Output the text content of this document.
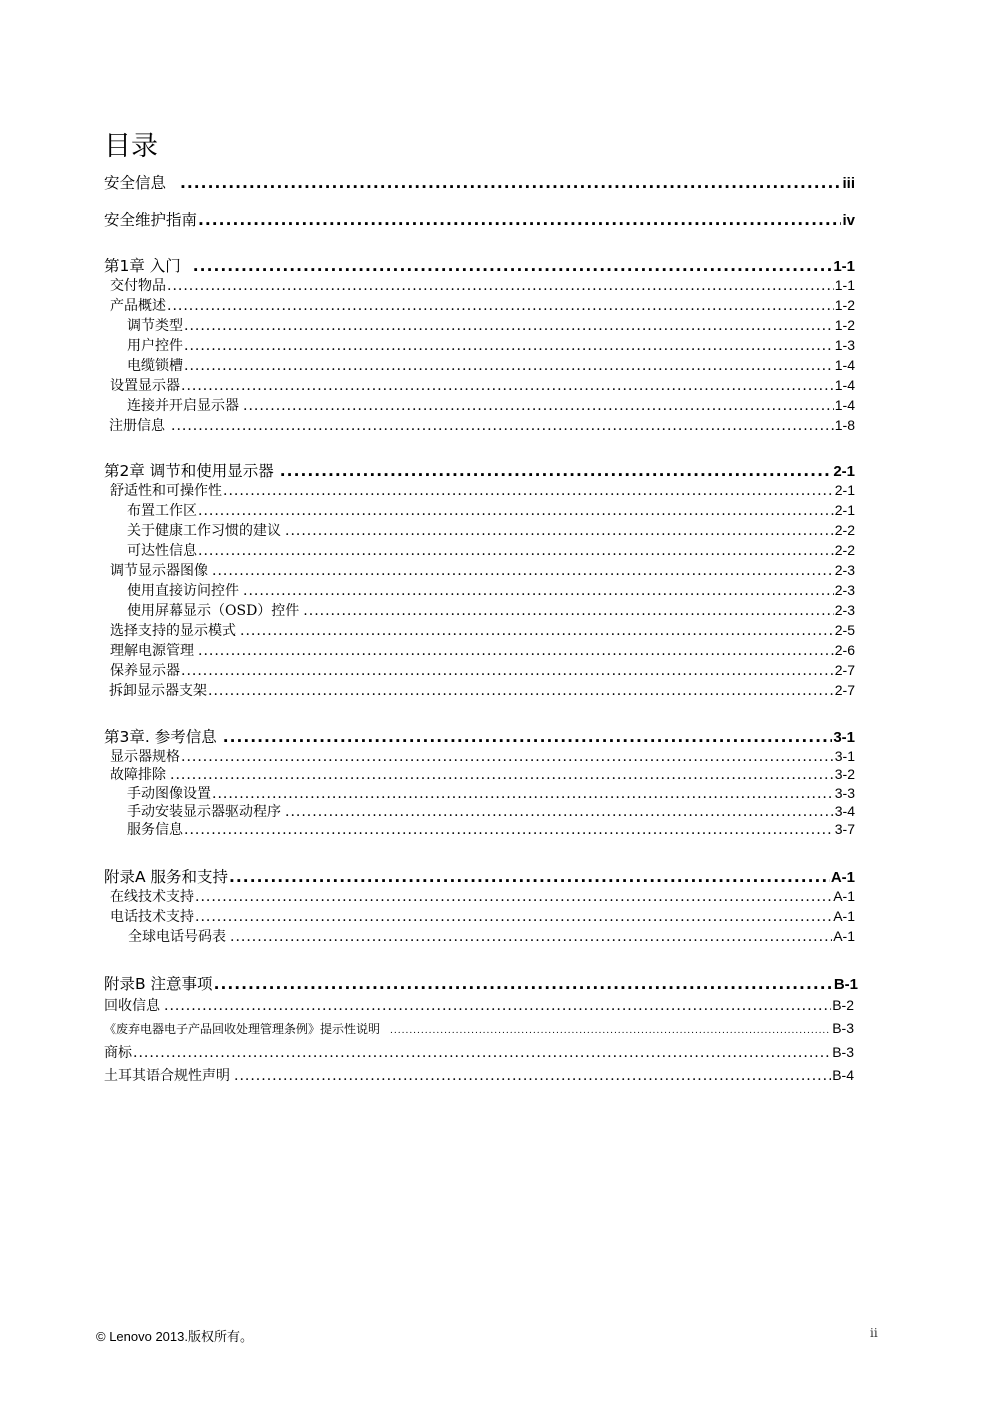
目录
安全信息 .....	iii
安全维护指南 .....	iv
第1章 入门 .....	1-1
交付物品 .....	1-1
产品概述 .....	1-2
调节类型 .....	1-2
用户控件 .....	1-3
电缆锁槽 .....	1-4
设置显示器 .....	1-4
连接并开启显示器 .....	1-4
注册信息 .....	1-8
第2章 调节和使用显示器 .....	2-1
舒适性和可操作性 .....	2-1
布置工作区 .....	2-1
关于健康工作习惯的建议 .....	2-2
可达性信息 .....	2-2
调节显示器图像 .....	2-3
使用直接访问控件 .....	2-3
使用屏幕显示（OSD）控件 .....	2-3
选择支持的显示模式 .....	2-5
理解电源管理 .....	2-6
保养显示器 .....	2-7
拆卸显示器支架 .....	2-7
第3章. 参考信息 .....	3-1
显示器规格 .....	3-1
故障排除 .....	3-2
手动图像设置 .....	3-3
手动安装显示器驱动程序 .....	3-4
服务信息 .....	3-7
附录A 服务和支持 .....	A-1
在线技术支持 .....	A-1
电话技术支持 .....	A-1
全球电话号码表 .....	A-1
附录B 注意事项 .....	B-1
回收信息 .....	B-2
《废弃电器电子产品回收处理管理条例》提示性说明 .....	B-3
商标 .....	B-3
土耳其语合规性声明 .....	B-4
© Lenovo 2013.版权所有。	ii
